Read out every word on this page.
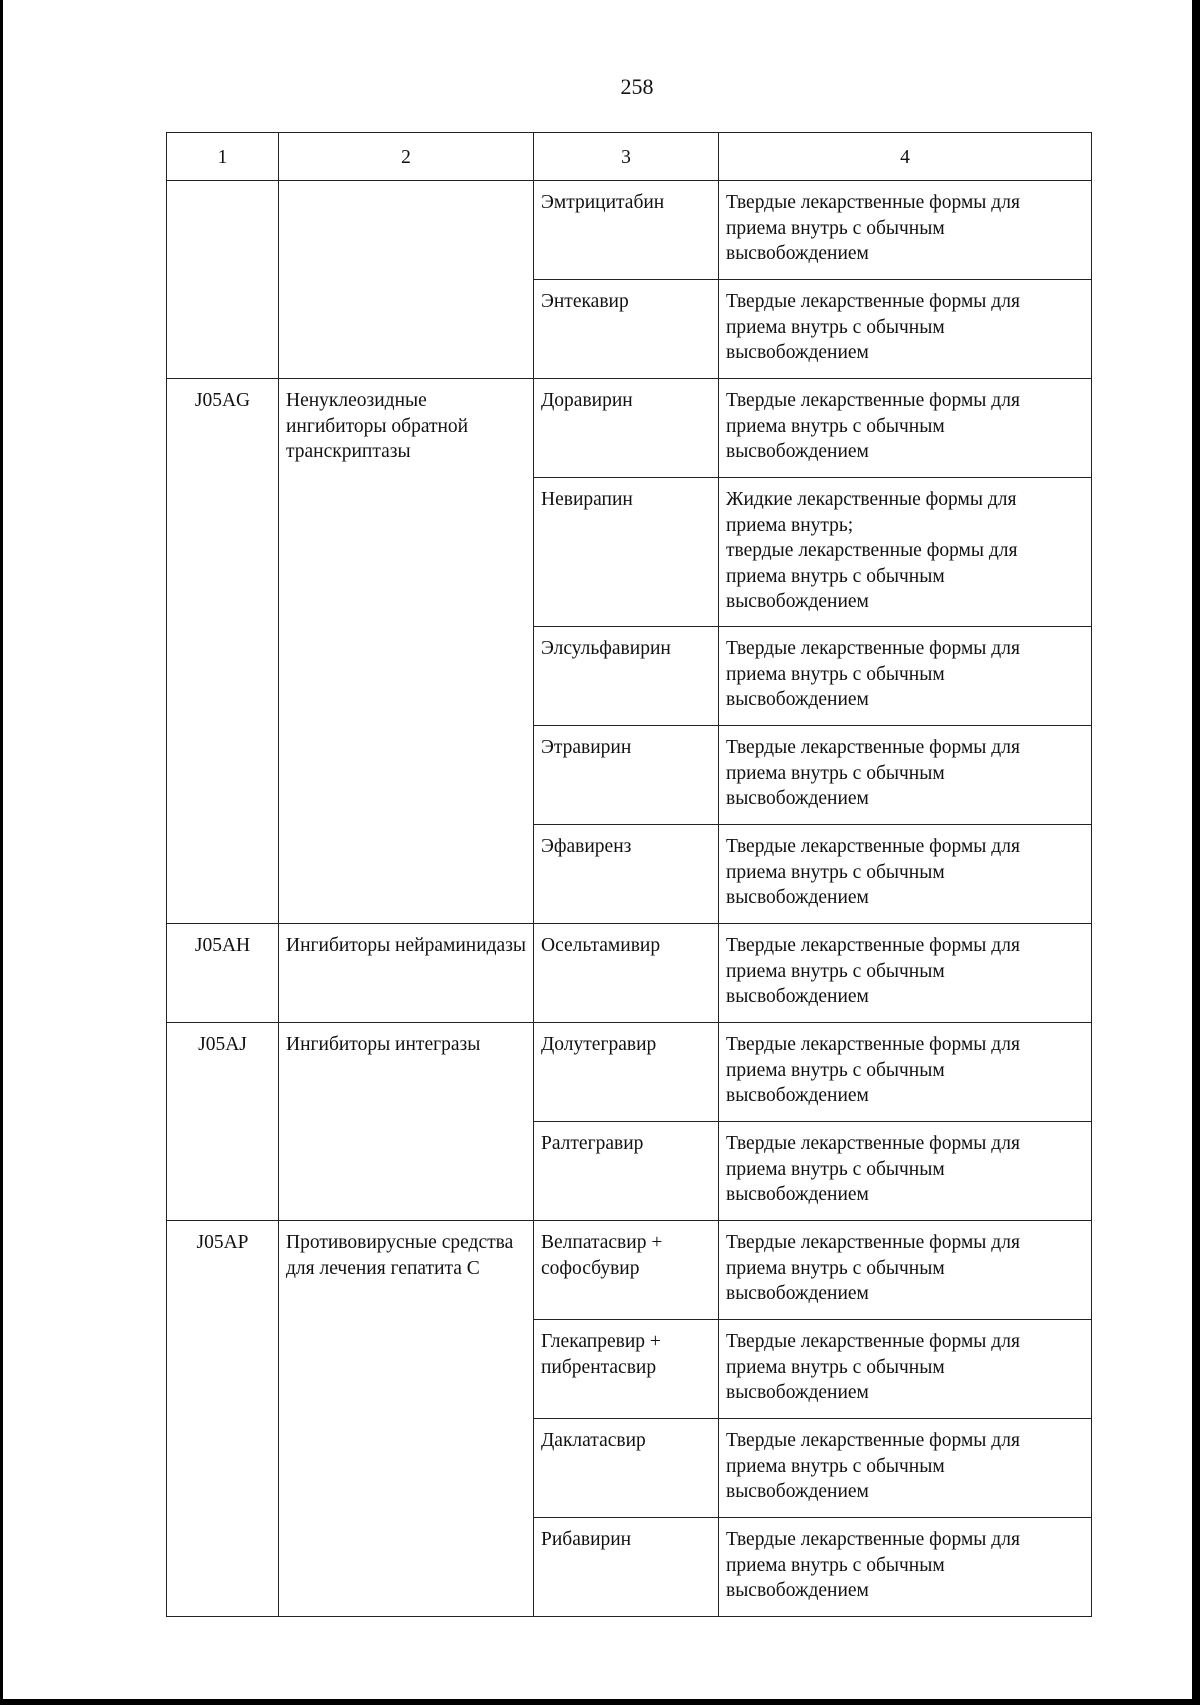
258
1	2	3	4
		Эмтрицитабин	Твердые лекарственные формы для
приема внутрь с обычным
высвобождением

		Энтекавир	Твердые лекарственные формы для
приема внутрь с обычным
высвобождением

J05AG	Ненуклеозидные ингибиторы обратной транскриптазы	Доравирин	Твердые лекарственные формы для
приема внутрь с обычным
высвобождением

		Невирапин	Жидкие лекарственные формы для
приема внутрь;
твердые лекарственные формы для
приема внутрь с обычным
высвобождением

		Элсульфавирин	Твердые лекарственные формы для
приема внутрь с обычным
высвобождением

		Этравирин	Твердые лекарственные формы для
приема внутрь с обычным
высвобождением

		Эфавиренз	Твердые лекарственные формы для
приема внутрь с обычным
высвобождением

J05AH	Ингибиторы нейраминидазы	Осельтамивир	Твердые лекарственные формы для
приема внутрь с обычным
высвобождением

J05AJ	Ингибиторы интегразы	Долутегравир	Твердые лекарственные формы для
приема внутрь с обычным
высвобождением

		Ралтегравир	Твердые лекарственные формы для
приема внутрь с обычным
высвобождением

J05AP	Противовирусные средства для лечения гепатита С	Велпатасвир + софосбувир	Твердые лекарственные формы для
приема внутрь с обычным
высвобождением

		Глекапревир + пибрентасвир	Твердые лекарственные формы для
приема внутрь с обычным
высвобождением

		Даклатасвир	Твердые лекарственные формы для
приема внутрь с обычным
высвобождением

		Рибавирин	Твердые лекарственные формы для
приема внутрь с обычным
высвобождением
